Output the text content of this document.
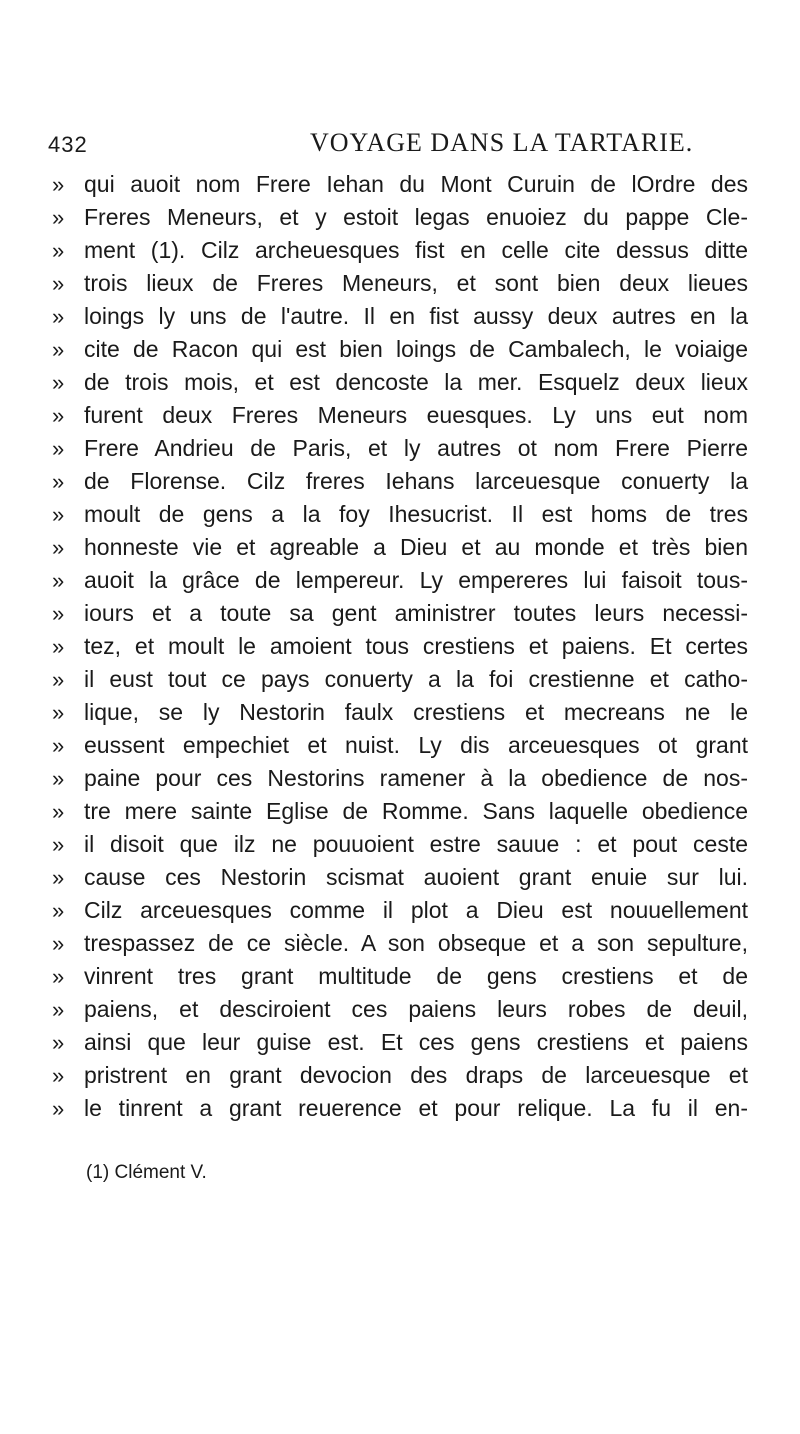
432	VOYAGE DANS LA TARTARIE.
» qui auoit nom Frere Iehan du Mont Curuin de lOrdre des
» Freres Meneurs, et y estoit legas enuoiez du pappe Cle-
» ment (1). Cilz archeuesques fist en celle cite dessus ditte
» trois lieux de Freres Meneurs, et sont bien deux lieues
» loings ly uns de l'autre. Il en fist aussy deux autres en la
» cite de Racon qui est bien loings de Cambalech, le voiaige
» de trois mois, et est dencoste la mer. Esquelz deux lieux
» furent deux Freres Meneurs euesques. Ly uns eut nom
» Frere Andrieu de Paris, et ly autres ot nom Frere Pierre
» de Florense. Cilz freres Iehans larceuesque conuerty la
» moult de gens a la foy Ihesucrist. Il est homs de tres
» honneste vie et agreable a Dieu et au monde et très bien
» auoit la grâce de lempereur. Ly empereres lui faisoit tous-
» iours et a toute sa gent aministrer toutes leurs necessi-
» tez, et moult le amoient tous crestiens et paiens. Et certes
» il eust tout ce pays conuerty a la foi crestienne et catho-
» lique, se ly Nestorin faulx crestiens et mecreans ne le
» eussent empechiet et nuist. Ly dis arceuesques ot grant
» paine pour ces Nestorins ramener à la obedience de nos-
» tre mere sainte Eglise de Romme. Sans laquelle obedience
» il disoit que ilz ne pouuoient estre sauue : et pout ceste
» cause ces Nestorin scismat auoient grant enuie sur lui.
» Cilz arceuesques comme il plot a Dieu est nouuellement
» trespassez de ce siècle. A son obseque et a son sepulture,
» vinrent tres grant multitude de gens crestiens et de
» paiens, et desciroient ces paiens leurs robes de deuil,
» ainsi que leur guise est. Et ces gens crestiens et paiens
» pristrent en grant devocion des draps de larceuesque et
» le tinrent a grant reuerence et pour relique. La fu il en-
(1) Clément V.
